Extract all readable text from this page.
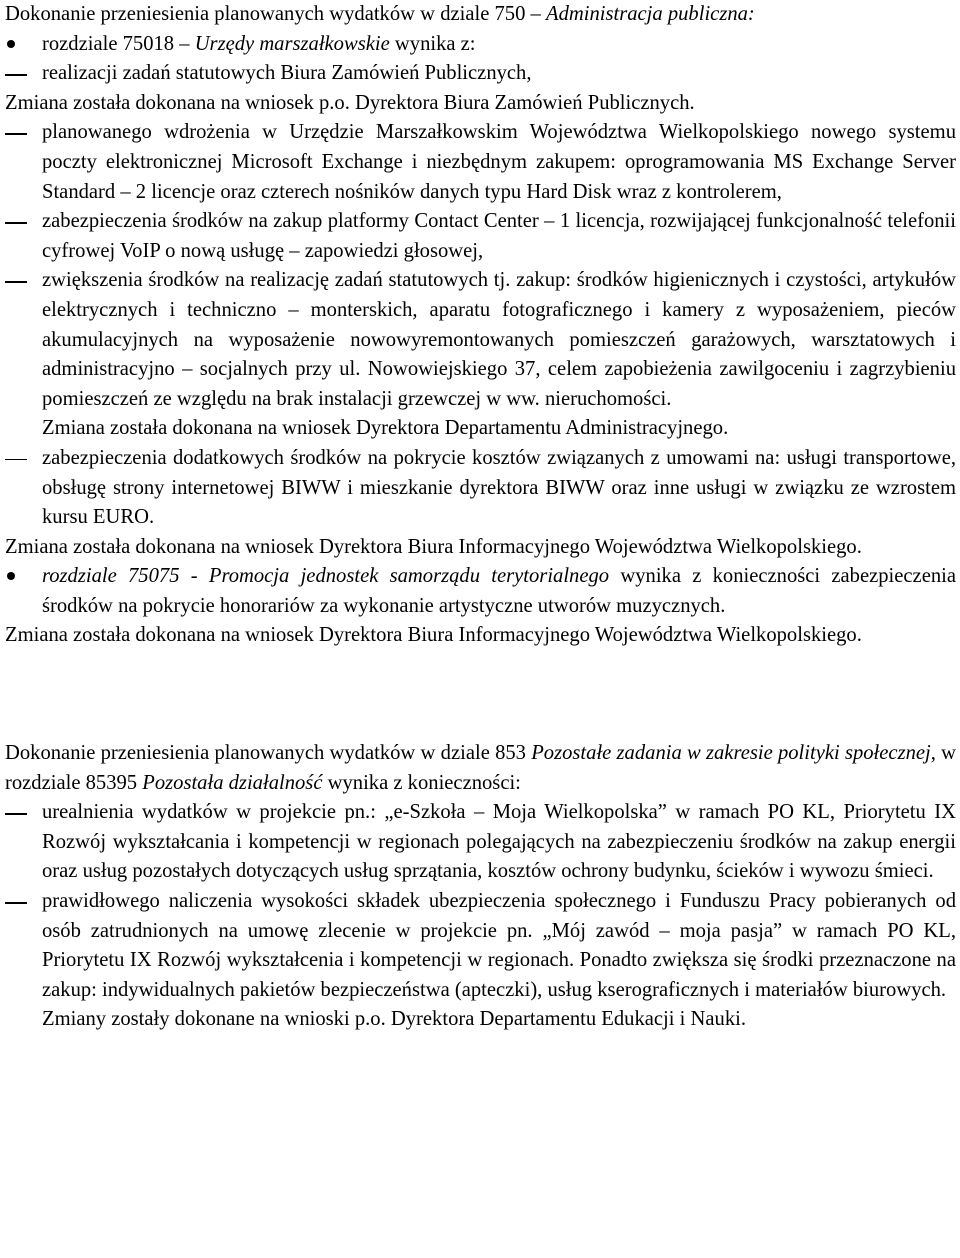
Dokonanie przeniesienia planowanych wydatków w dziale 750 – Administracja publiczna:

rozdziale 75018 – Urzędy marszałkowskie wynika z:
realizacji zadań statutowych Biura Zamówień Publicznych,

Zmiana została dokonana na wniosek p.o. Dyrektora Biura Zamówień Publicznych.

planowanego wdrożenia w Urzędzie Marszałkowskim Województwa Wielkopolskiego nowego systemu poczty elektronicznej Microsoft Exchange i niezbędnym zakupem: oprogramowania MS Exchange Server Standard – 2 licencje oraz czterech nośników danych typu Hard Disk wraz z kontrolerem,
zabezpieczenia środków na zakup platformy Contact Center – 1 licencja, rozwijającej funkcjonalność telefonii cyfrowej VoIP o nową usługę – zapowiedzi głosowej,
zwiększenia środków na realizację zadań statutowych tj. zakup: środków higienicznych i czystości, artykułów elektrycznych i techniczno – monterskich, aparatu fotograficznego i kamery z wyposażeniem, pieców akumulacyjnych na wyposażenie nowowyremontowanych pomieszczeń garażowych, warsztatowych i administracyjno – socjalnych przy ul. Nowowiejskiego 37, celem zapobieżenia zawilgoceniu i zagrzybieniu pomieszczeń ze względu na brak instalacji grzewczej w ww. nieruchomości.
Zmiana została dokonana na wniosek Dyrektora Departamentu Administracyjnego.
zabezpieczenia dodatkowych środków na pokrycie kosztów związanych z umowami na: usługi transportowe, obsługę strony internetowej BIWW i mieszkanie dyrektora BIWW oraz inne usługi w związku ze wzrostem kursu EURO.

Zmiana została dokonana na wniosek Dyrektora Biura Informacyjnego Województwa Wielkopolskiego.

rozdziale 75075 - Promocja jednostek samorządu terytorialnego wynika z konieczności zabezpieczenia środków na pokrycie honorariów za wykonanie artystyczne utworów muzycznych.

Zmiana została dokonana na wniosek Dyrektora Biura Informacyjnego Województwa Wielkopolskiego.

Dokonanie przeniesienia planowanych wydatków w dziale 853 Pozostałe zadania w zakresie polityki społecznej, w rozdziale 85395 Pozostała działalność wynika z konieczności:

urealnienia wydatków w projekcie pn.: „e-Szkoła – Moja Wielkopolska” w ramach PO KL, Priorytetu IX Rozwój wykształcania i kompetencji w regionach polegających na zabezpieczeniu środków na zakup energii oraz usług pozostałych dotyczących usług sprzątania, kosztów ochrony budynku, ścieków i wywozu śmieci.
prawidłowego naliczenia wysokości składek ubezpieczenia społecznego i Funduszu Pracy pobieranych od osób zatrudnionych na umowę zlecenie w projekcie pn. „Mój zawód – moja pasja” w ramach PO KL, Priorytetu IX Rozwój wykształcenia i kompetencji w regionach. Ponadto zwiększa się środki przeznaczone na zakup: indywidualnych pakietów bezpieczeństwa (apteczki), usług kserograficznych i materiałów biurowych.
Zmiany zostały dokonane na wnioski p.o. Dyrektora Departamentu Edukacji i Nauki.
